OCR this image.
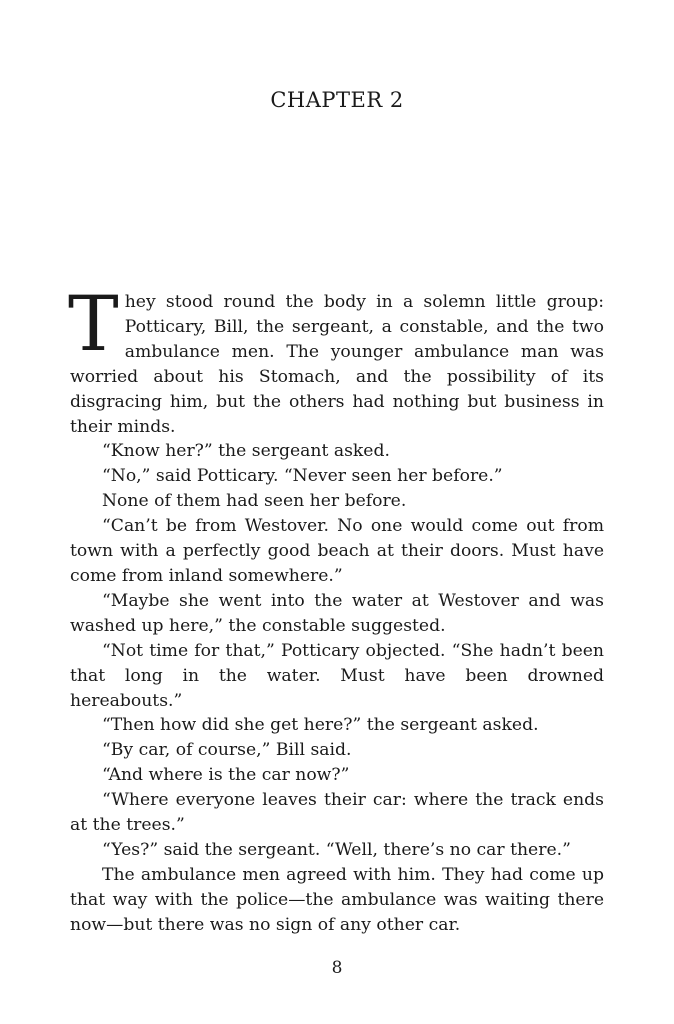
CHAPTER 2

They stood round the body in a solemn little group: Potticary, Bill, the sergeant, a constable, and the two ambulance men. The younger ambulance man was worried about his Stomach, and the possibility of its disgracing him, but the others had nothing but business in their minds.

“Know her?” the sergeant asked.

“No,” said Potticary. “Never seen her before.”

None of them had seen her before.

“Can’t be from Westover. No one would come out from town with a perfectly good beach at their doors. Must have come from inland somewhere.”

“Maybe she went into the water at Westover and was washed up here,” the constable suggested.

“Not time for that,” Potticary objected. “She hadn’t been that long in the water. Must have been drowned hereabouts.”

“Then how did she get here?” the sergeant asked.

“By car, of course,” Bill said.

“And where is the car now?”

“Where everyone leaves their car: where the track ends at the trees.”

“Yes?” said the sergeant. “Well, there’s no car there.”

The ambulance men agreed with him. They had come up that way with the police—the ambulance was waiting there now—but there was no sign of any other car.

8
